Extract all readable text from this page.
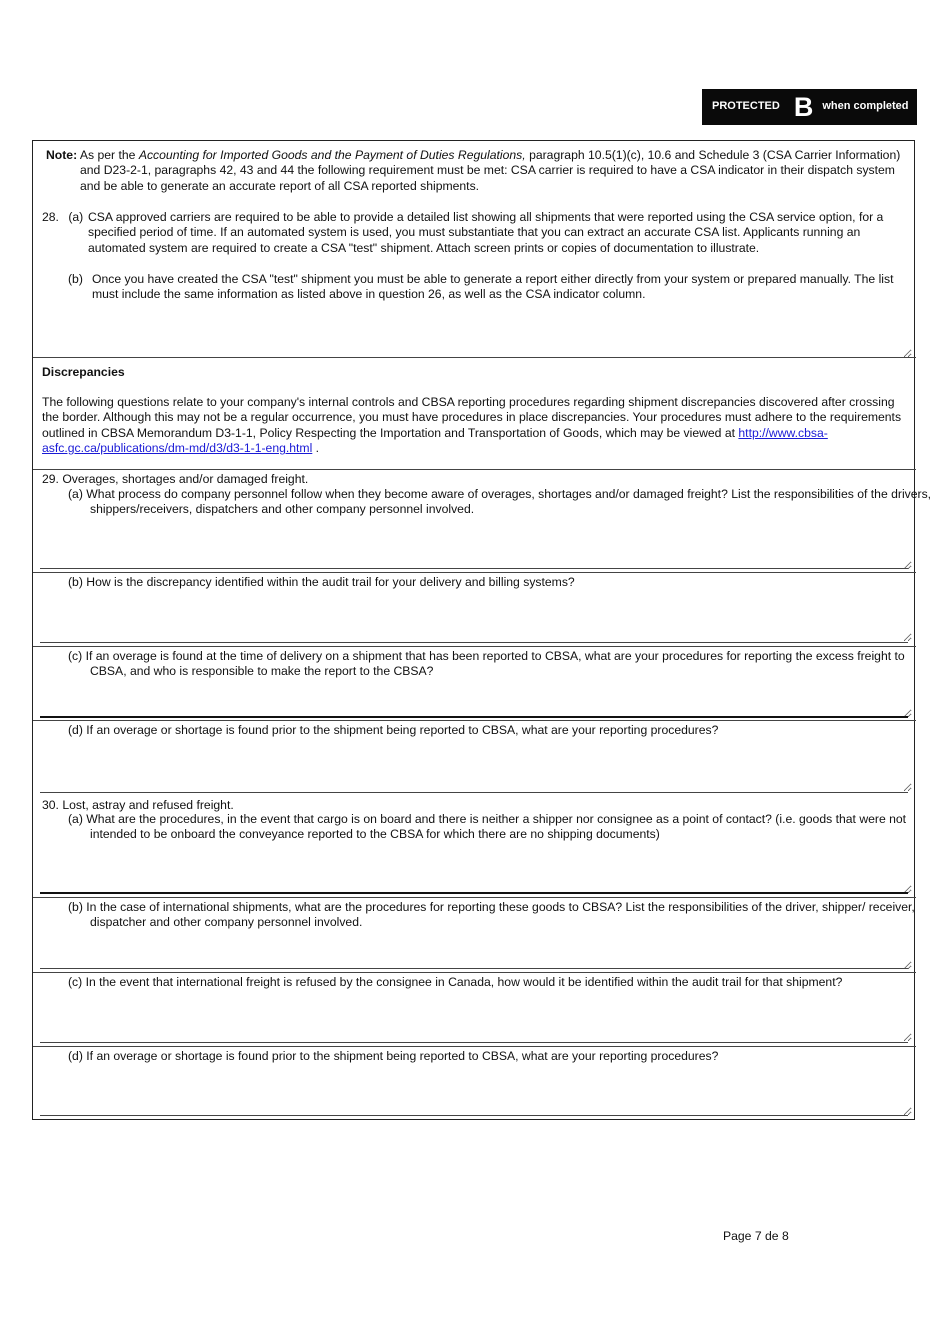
PROTECTED B when completed
Note: As per the Accounting for Imported Goods and the Payment of Duties Regulations, paragraph 10.5(1)(c), 10.6 and Schedule 3 (CSA Carrier Information) and D23-2-1, paragraphs 42, 43 and 44 the following requirement must be met: CSA carrier is required to have a CSA indicator in their dispatch system and be able to generate an accurate report of all CSA reported shipments.
28. (a) CSA approved carriers are required to be able to provide a detailed list showing all shipments that were reported using the CSA service option, for a specified period of time. If an automated system is used, you must substantiate that you can extract an accurate CSA list. Applicants running an automated system are required to create a CSA "test" shipment. Attach screen prints or copies of documentation to illustrate.
(b) Once you have created the CSA "test" shipment you must be able to generate a report either directly from your system or prepared manually. The list must include the same information as listed above in question 26, as well as the CSA indicator column.
Discrepancies
The following questions relate to your company's internal controls and CBSA reporting procedures regarding shipment discrepancies discovered after crossing the border. Although this may not be a regular occurrence, you must have procedures in place discrepancies. Your procedures must adhere to the requirements outlined in CBSA Memorandum D3-1-1, Policy Respecting the Importation and Transportation of Goods, which may be viewed at http://www.cbsa-asfc.gc.ca/publications/dm-md/d3/d3-1-1-eng.html .
29. Overages, shortages and/or damaged freight.
(a) What process do company personnel follow when they become aware of overages, shortages and/or damaged freight? List the responsibilities of the drivers, shippers/receivers, dispatchers and other company personnel involved.
(b) How is the discrepancy identified within the audit trail for your delivery and billing systems?
(c) If an overage is found at the time of delivery on a shipment that has been reported to CBSA, what are your procedures for reporting the excess freight to CBSA, and who is responsible to make the report to the CBSA?
(d) If an overage or shortage is found prior to the shipment being reported to CBSA, what are your reporting procedures?
30. Lost, astray and refused freight.
(a) What are the procedures, in the event that cargo is on board and there is neither a shipper nor consignee as a point of contact? (i.e. goods that were not intended to be onboard the conveyance reported to the CBSA for which there are no shipping documents)
(b) In the case of international shipments, what are the procedures for reporting these goods to CBSA? List the responsibilities of the driver, shipper/ receiver, dispatcher and other company personnel involved.
(c) In the event that international freight is refused by the consignee in Canada, how would it be identified within the audit trail for that shipment?
(d) If an overage or shortage is found prior to the shipment being reported to CBSA, what are your reporting procedures?
Page 7 de 8
